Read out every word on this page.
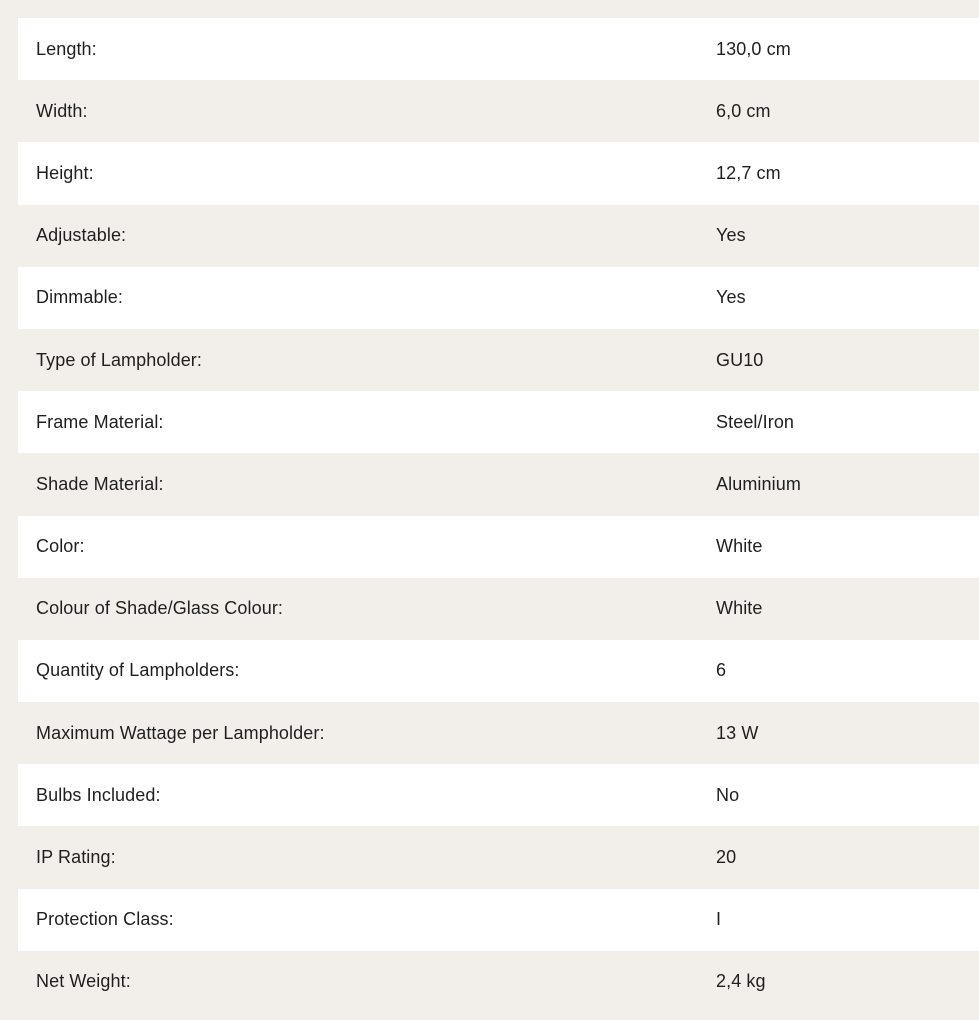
Length:	130,0 cm
Width:	6,0 cm
Height:	12,7 cm
Adjustable:	Yes
Dimmable:	Yes
Type of Lampholder:	GU10
Frame Material:	Steel/Iron
Shade Material:	Aluminium
Color:	White
Colour of Shade/Glass Colour:	White
Quantity of Lampholders:	6
Maximum Wattage per Lampholder:	13 W
Bulbs Included:	No
IP Rating:	20
Protection Class:	I
Net Weight:	2,4 kg
